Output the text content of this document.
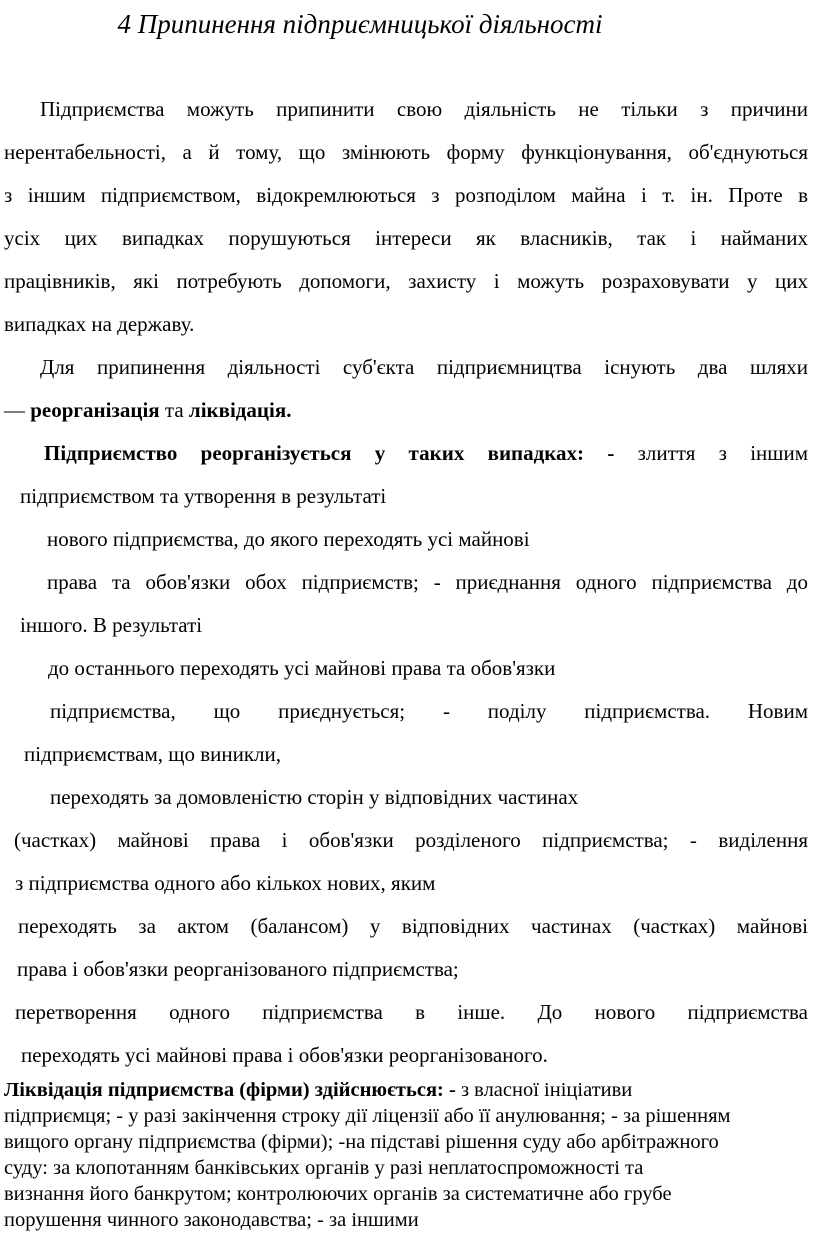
4 Припинення підприємницької діяльності
Підприємства можуть припинити свою діяльність не тільки з причини
нерентабельності, а й тому, що змінюють форму функціонування, об'єднуються
з іншим підприємством, відокремлюються з розподілом майна і т. ін. Проте в
усіх цих випадках порушуються інтереси як власників, так і найманих
працівників, які потребують допомоги, захисту і можуть розраховувати у цих
випадках на державу.
Для припинення діяльності суб'єкта підприємництва існують два шляхи
— реорганізація та ліквідація.
Підприємство реорганізується у таких випадках: - злиття з іншим
підприємством та утворення в результаті
нового підприємства, до якого переходять усі майнові
права та обов'язки обох підприємств; - приєднання одного підприємства до
іншого. В результаті
до останнього переходять усі майнові права та обов'язки
підприємства, що приєднується; - поділу підприємства. Новим
підприємствам, що виникли,
переходять за домовленістю сторін у відповідних частинах
(частках) майнові права і обов'язки розділеного підприємства; - виділення
з підприємства одного або кількох нових, яким
переходять за актом (балансом) у відповідних частинах (частках) майнові
права і обов'язки реорганізованого підприємства;
перетворення одного підприємства в інше. До нового підприємства
переходять усі майнові права і обов'язки реорганізованого.
Ліквідація підприємства (фірми) здійснюється: - з власної ініціативи
підприємця; - у разі закінчення строку дії ліцензії або її анулювання; - за рішенням
вищого органу підприємства (фірми); -на підставі рішення суду або арбітражного
суду: за клопотанням банківських органів у разі неплатоспроможності та
визнання його банкрутом; контролюючих органів за систематичне або грубе
порушення чинного законодавства; - за іншими
